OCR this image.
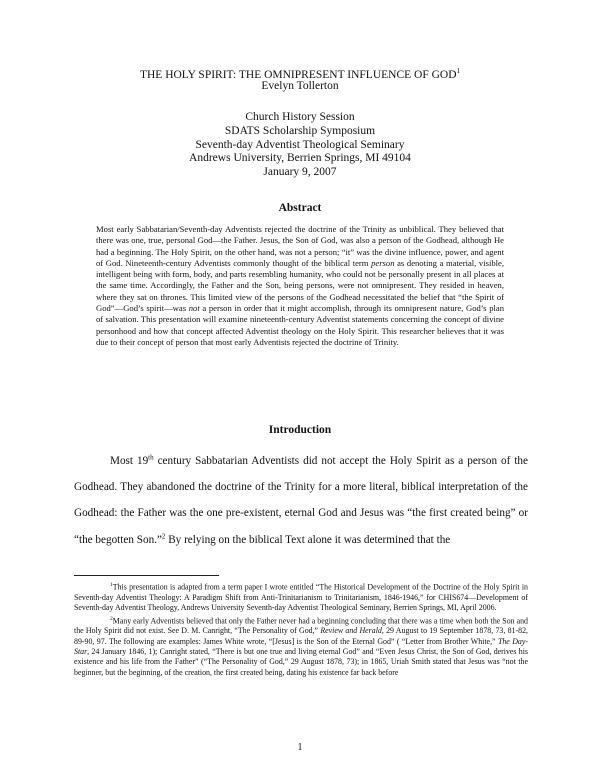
THE HOLY SPIRIT: THE OMNIPRESENT INFLUENCE OF GOD$^1$
Evelyn Tollerton
Church History Session
SDATS Scholarship Symposium
Seventh-day Adventist Theological Seminary
Andrews University, Berrien Springs, MI 49104
January 9, 2007
Abstract
Most early Sabbatarian/Seventh-day Adventists rejected the doctrine of the Trinity as unbiblical. They believed that there was one, true, personal God—the Father. Jesus, the Son of God, was also a person of the Godhead, although He had a beginning. The Holy Spirit, on the other hand, was not a person; “it” was the divine influence, power, and agent of God. Nineteenth-century Adventists commonly thought of the biblical term person as denoting a material, visible, intelligent being with form, body, and parts resembling humanity, who could not be personally present in all places at the same time. Accordingly, the Father and the Son, being persons, were not omnipresent. They resided in heaven, where they sat on thrones. This limited view of the persons of the Godhead necessitated the belief that “the Spirit of God”—God’s spirit—was not a person in order that it might accomplish, through its omnipresent nature, God’s plan of salvation. This presentation will examine nineteenth-century Adventist statements concerning the concept of divine personhood and how that concept affected Adventist theology on the Holy Spirit. This researcher believes that it was due to their concept of person that most early Adventists rejected the doctrine of Trinity.
Introduction
Most 19th century Sabbatarian Adventists did not accept the Holy Spirit as a person of the Godhead. They abandoned the doctrine of the Trinity for a more literal, biblical interpretation of the Godhead: the Father was the one pre-existent, eternal God and Jesus was “the first created being” or “the begotten Son.”$^2$ By relying on the biblical Text alone it was determined that the
$^1$This presentation is adapted from a term paper I wrote entitled “The Historical Development of the Doctrine of the Holy Spirit in Seventh-day Adventist Theology: A Paradigm Shift from Anti-Trinitarianism to Trinitarianism, 1846-1946,” for CHIS674—Development of Seventh-day Adventist Theology, Andrews University Seventh-day Adventist Theological Seminary, Berrien Springs, MI, April 2006.
$^2$Many early Adventists believed that only the Father never had a beginning concluding that there was a time when both the Son and the Holy Spirit did not exist. See D. M. Canright, “The Personality of God,” Review and Herald, 29 August to 19 September 1878, 73, 81-82, 89-90, 97. The following are examples: James White wrote, “[Jesus] is the Son of the Eternal God” ( “Letter from Brother White,” The Day-Star, 24 January 1846, 1); Canright stated, “There is but one true and living eternal God” and “Even Jesus Christ, the Son of God, derives his existence and his life from the Father” (“The Personality of God,” 29 August 1878, 73); in 1865, Uriah Smith stated that Jesus was “not the beginner, but the beginning, of the creation, the first created being, dating his existence far back before
1
